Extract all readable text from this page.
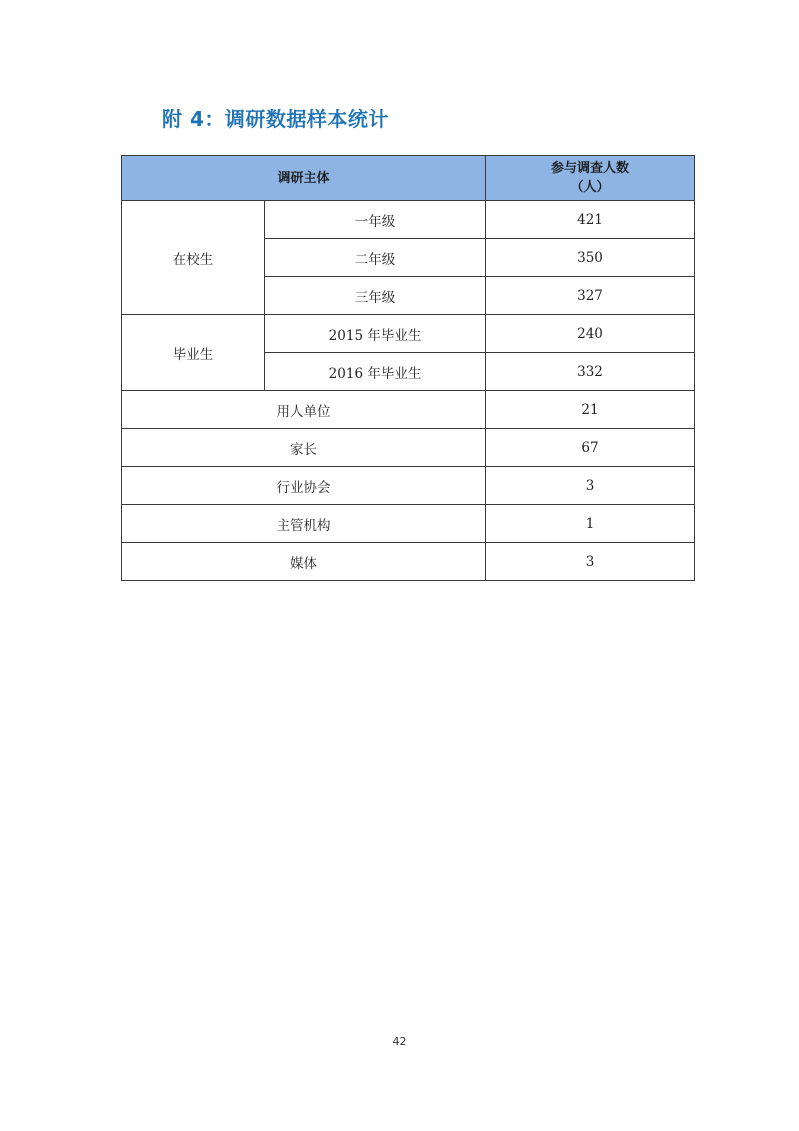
附 4：调研数据样本统计
调研主体		参与调查人数
（人）

在校生	一年级	421
	二年级	350
	三年级	327
毕业生	2015 年毕业生	240
	2016 年毕业生	332
用人单位		21
家长		67
行业协会		3
主管机构		1
媒体		3
42
